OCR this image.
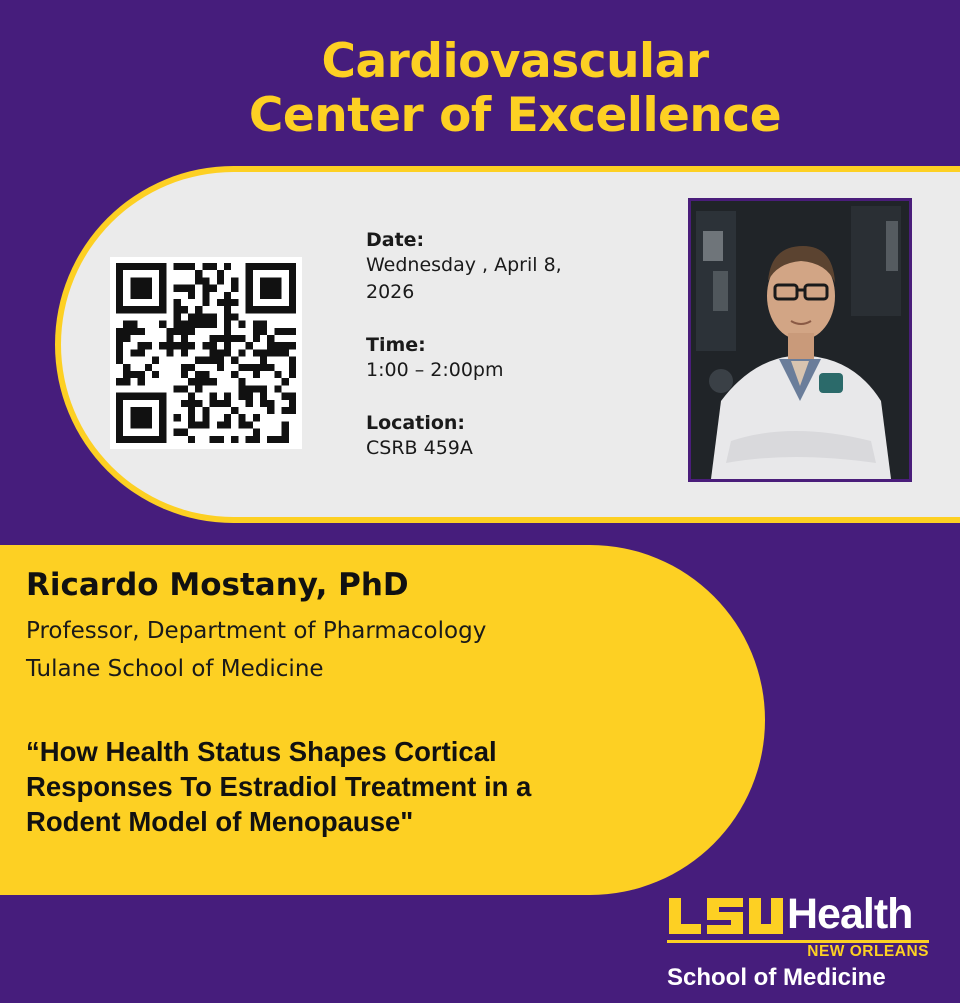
Cardiovascular
Center of Excellence
Date:
Wednesday , April 8,
2026
Time:
1:00 – 2:00pm
Location:
CSRB 459A
Ricardo Mostany, PhD
Professor, Department of Pharmacology
Tulane School of Medicine
“How Health Status Shapes Cortical
Responses To Estradiol Treatment in a
Rodent Model of Menopause"
Health
NEW ORLEANS
School of Medicine
